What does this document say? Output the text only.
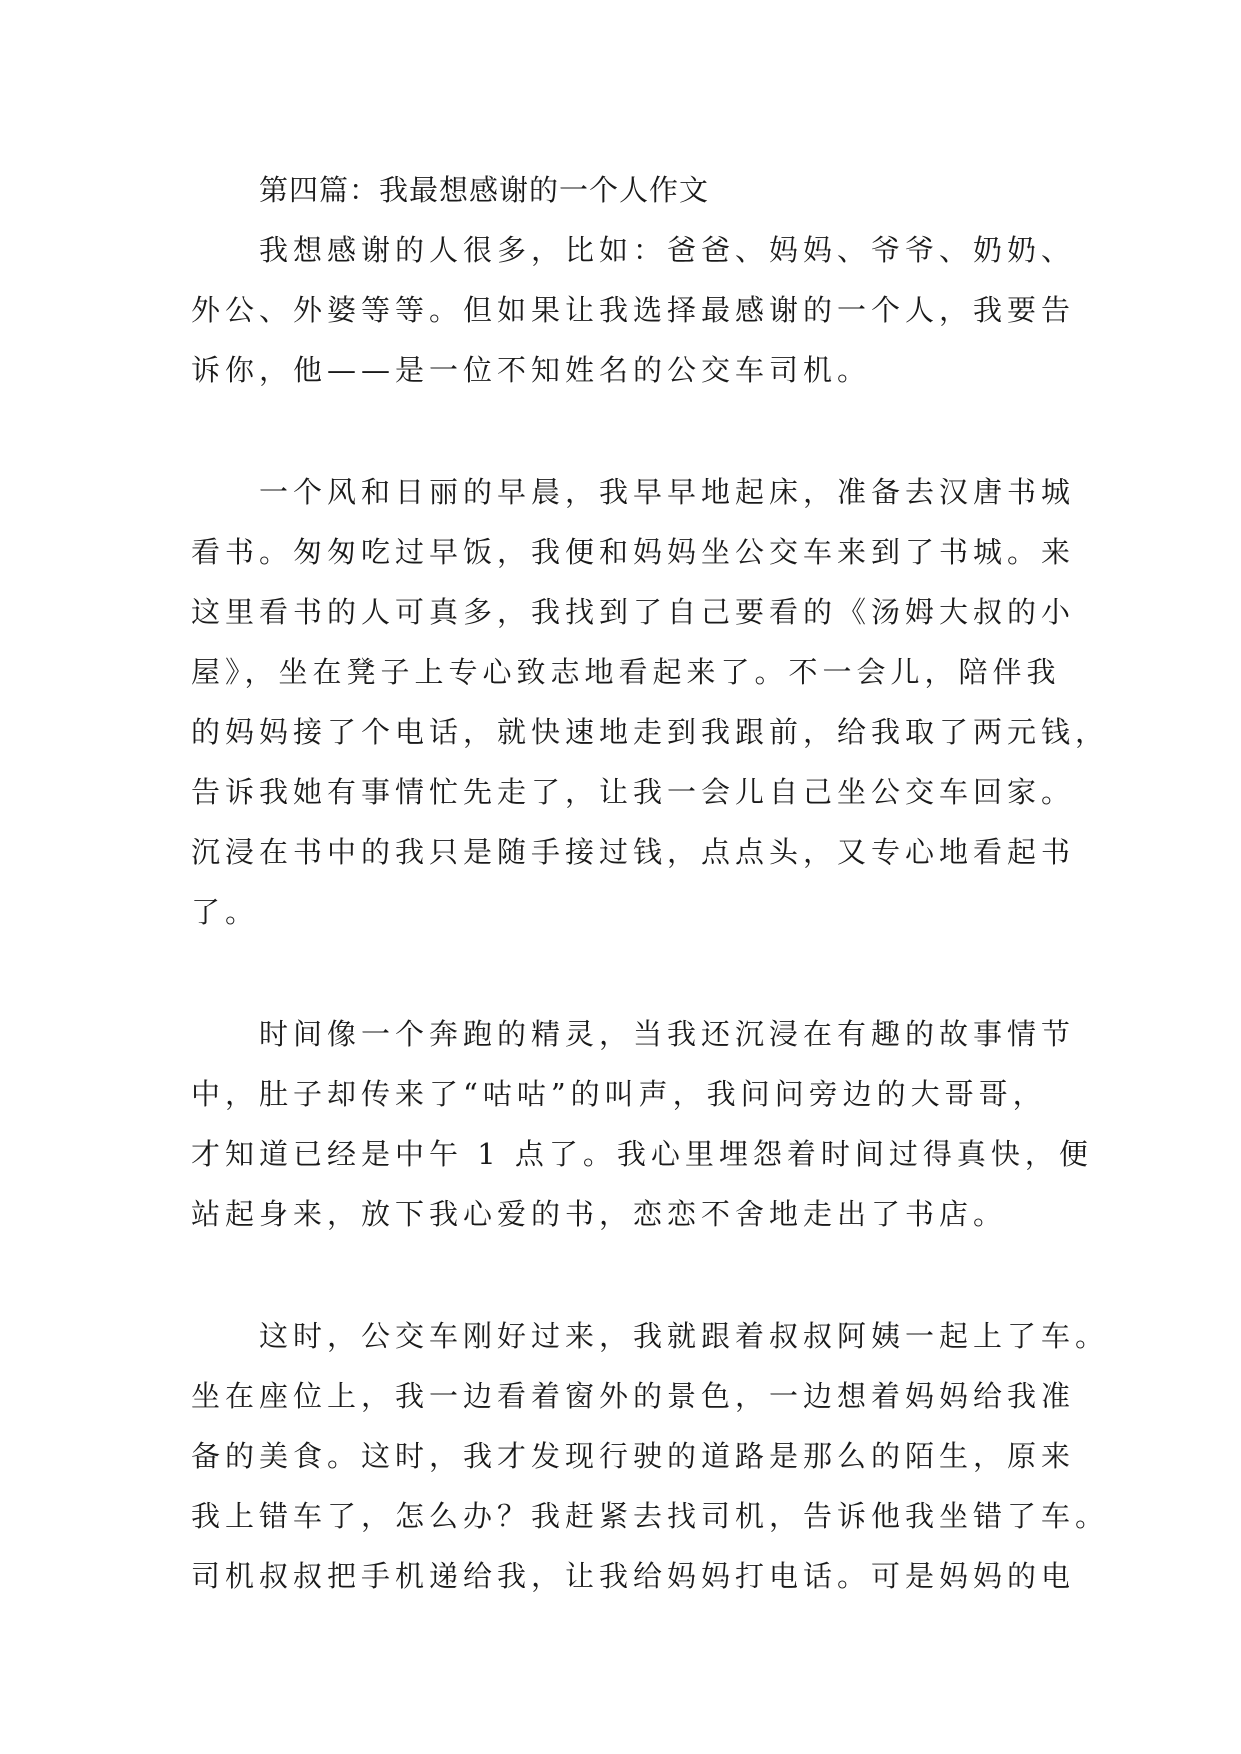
第四篇：我最想感谢的一个人作文

我想感谢的人很多，比如：爸爸、妈妈、爷爷、奶奶、

外公、外婆等等。但如果让我选择最感谢的一个人，我要告

诉你，他——是一位不知姓名的公交车司机。

一个风和日丽的早晨，我早早地起床，准备去汉唐书城

看书。匆匆吃过早饭，我便和妈妈坐公交车来到了书城。来

这里看书的人可真多，我找到了自己要看的《汤姆大叔的小

屋》，坐在凳子上专心致志地看起来了。不一会儿，陪伴我

的妈妈接了个电话，就快速地走到我跟前，给我取了两元钱，

告诉我她有事情忙先走了，让我一会儿自己坐公交车回家。

沉浸在书中的我只是随手接过钱，点点头，又专心地看起书

了。

时间像一个奔跑的精灵，当我还沉浸在有趣的故事情节

中，肚子却传来了“咕咕”的叫声，我问问旁边的大哥哥，

才知道已经是中午 1 点了。我心里埋怨着时间过得真快，便

站起身来，放下我心爱的书，恋恋不舍地走出了书店。

这时，公交车刚好过来，我就跟着叔叔阿姨一起上了车。

坐在座位上，我一边看着窗外的景色，一边想着妈妈给我准

备的美食。这时，我才发现行驶的道路是那么的陌生，原来

我上错车了，怎么办？我赶紧去找司机，告诉他我坐错了车。

司机叔叔把手机递给我，让我给妈妈打电话。可是妈妈的电
